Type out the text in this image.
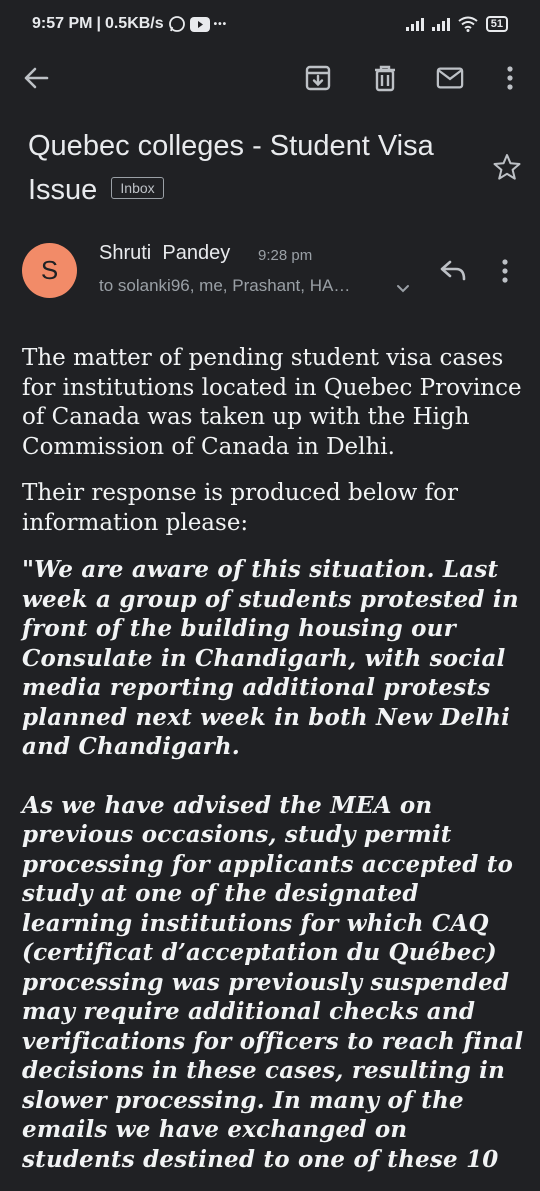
9:57 PM | 0.5KB/s	•••	51
Quebec colleges - Student Visa Issue Inbox
S
Shruti  Pandey 9:28 pm
to solanki96, me, Prashant, HA…

The matter of pending student visa cases for institutions located in Quebec Province of Canada was taken up with the High Commission of Canada in Delhi.

Their response is produced below for information please:

"We are aware of this situation. Last week a group of students protested in front of the building housing our Consulate in Chandigarh, with social media reporting additional protests planned next week in both New Delhi and Chandigarh.

As we have advised the MEA on previous occasions, study permit processing for applicants accepted to study at one of the designated learning institutions for which CAQ (certificat d’acceptation du Québec) processing was previously suspended may require additional checks and verifications for officers to reach final decisions in these cases, resulting in slower processing. In many of the emails we have exchanged on students destined to one of these 10
